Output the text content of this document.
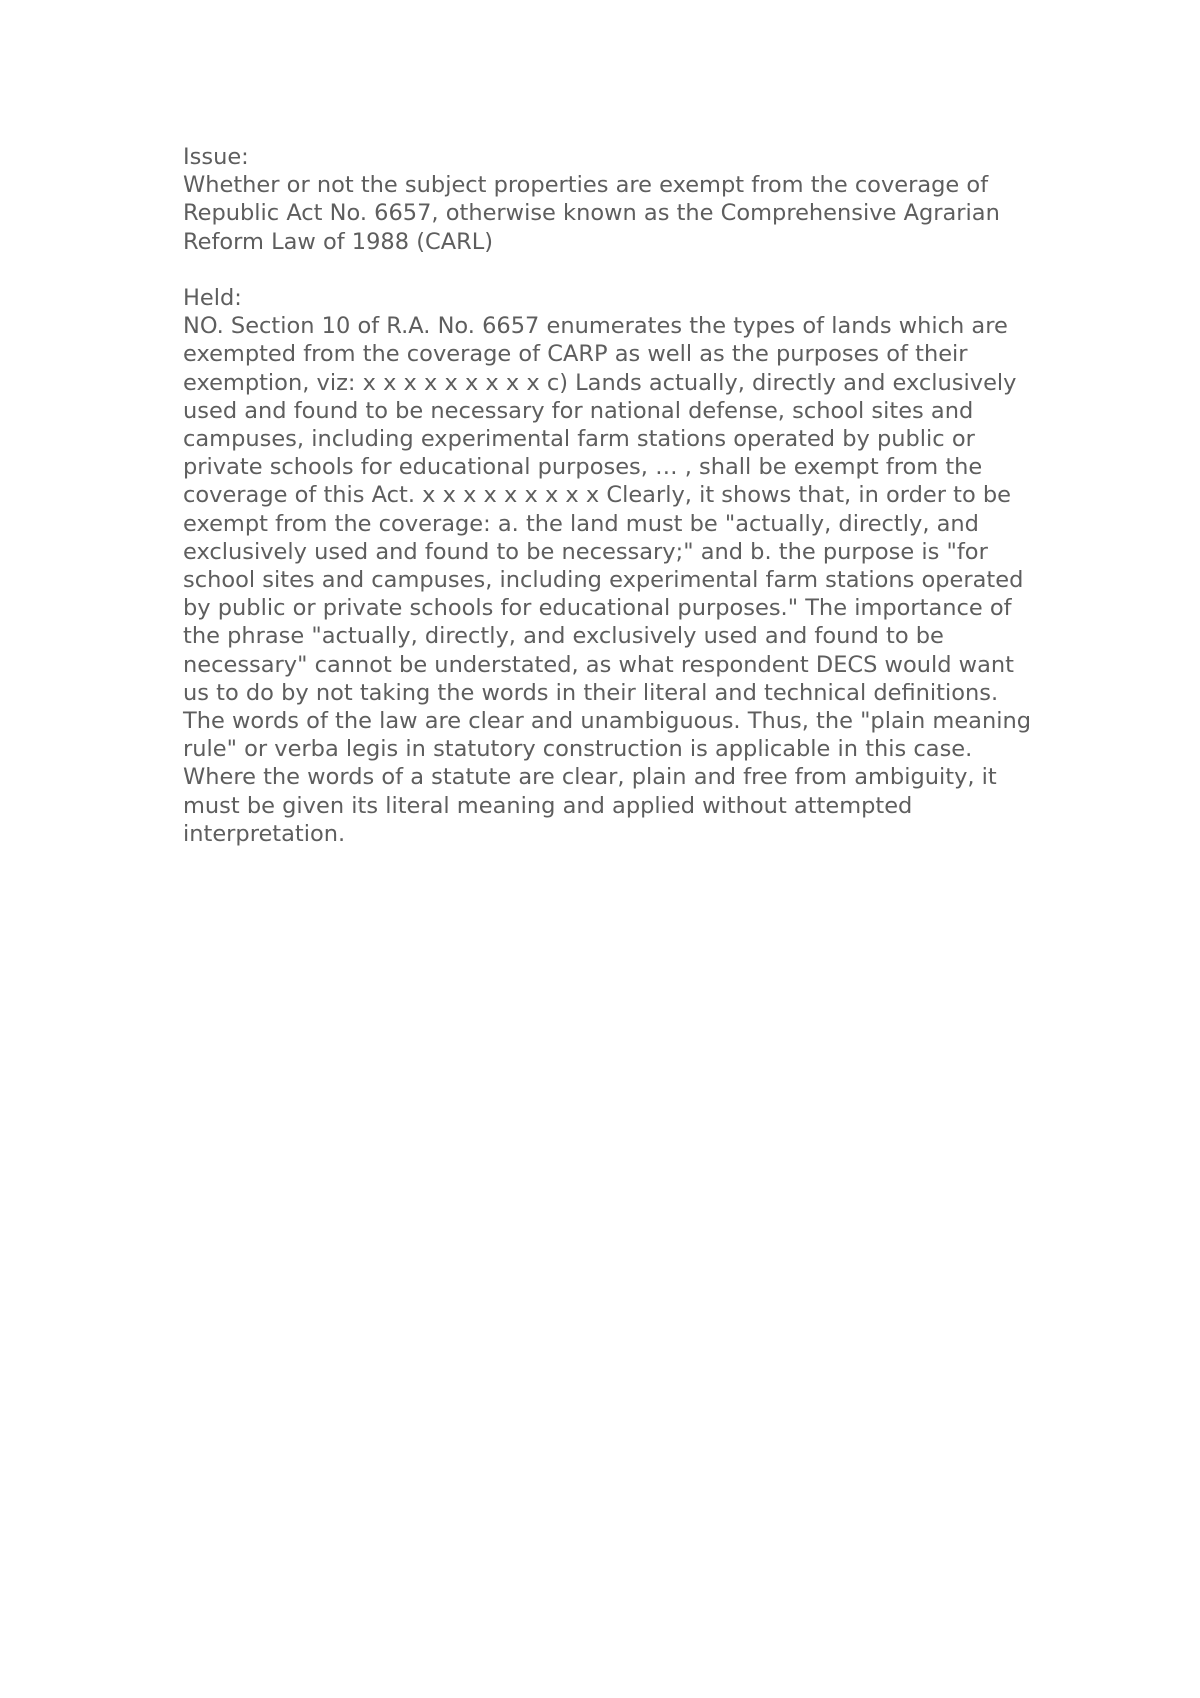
Issue:

Whether or not the subject properties are exempt from the coverage of Republic Act No. 6657, otherwise known as the Comprehensive Agrarian Reform Law of 1988 (CARL)

Held:

NO. Section 10 of R.A. No. 6657 enumerates the types of lands which are exempted from the coverage of CARP as well as the purposes of their exemption, viz: x x x x x x x x x c) Lands actually, directly and exclusively used and found to be necessary for national defense, school sites and campuses, including experimental farm stations operated by public or private schools for educational purposes, … , shall be exempt from the coverage of this Act. x x x x x x x x x Clearly, it shows that, in order to be exempt from the coverage: a. the land must be "actually, directly, and exclusively used and found to be necessary;" and b. the purpose is "for school sites and campuses, including experimental farm stations operated by public or private schools for educational purposes." The importance of the phrase "actually, directly, and exclusively used and found to be necessary" cannot be understated, as what respondent DECS would want us to do by not taking the words in their literal and technical definitions. The words of the law are clear and unambiguous. Thus, the "plain meaning rule" or verba legis in statutory construction is applicable in this case. Where the words of a statute are clear, plain and free from ambiguity, it must be given its literal meaning and applied without attempted interpretation.
